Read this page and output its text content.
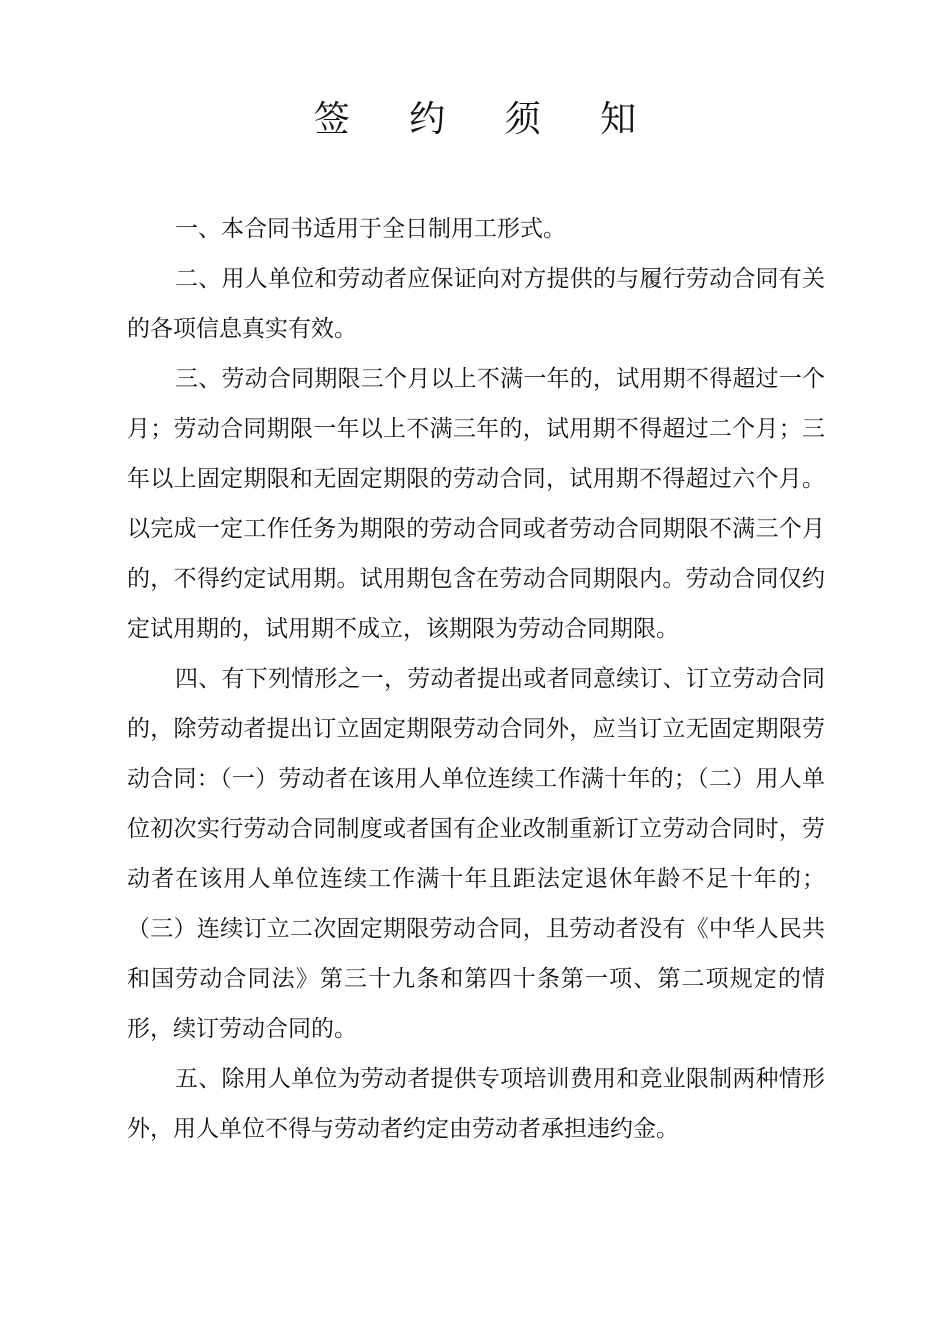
签 约 须 知

一、本合同书适用于全日制用工形式。

二、用人单位和劳动者应保证向对方提供的与履行劳动合同有关的各项信息真实有效。

三、劳动合同期限三个月以上不满一年的，试用期不得超过一个月；劳动合同期限一年以上不满三年的，试用期不得超过二个月；三年以上固定期限和无固定期限的劳动合同，试用期不得超过六个月。以完成一定工作任务为期限的劳动合同或者劳动合同期限不满三个月的，不得约定试用期。试用期包含在劳动合同期限内。劳动合同仅约定试用期的，试用期不成立，该期限为劳动合同期限。

四、有下列情形之一，劳动者提出或者同意续订、订立劳动合同的，除劳动者提出订立固定期限劳动合同外，应当订立无固定期限劳动合同：（一）劳动者在该用人单位连续工作满十年的；（二）用人单位初次实行劳动合同制度或者国有企业改制重新订立劳动合同时，劳动者在该用人单位连续工作满十年且距法定退休年龄不足十年的；（三）连续订立二次固定期限劳动合同，且劳动者没有《中华人民共和国劳动合同法》第三十九条和第四十条第一项、第二项规定的情形，续订劳动合同的。

五、除用人单位为劳动者提供专项培训费用和竞业限制两种情形外，用人单位不得与劳动者约定由劳动者承担违约金。
